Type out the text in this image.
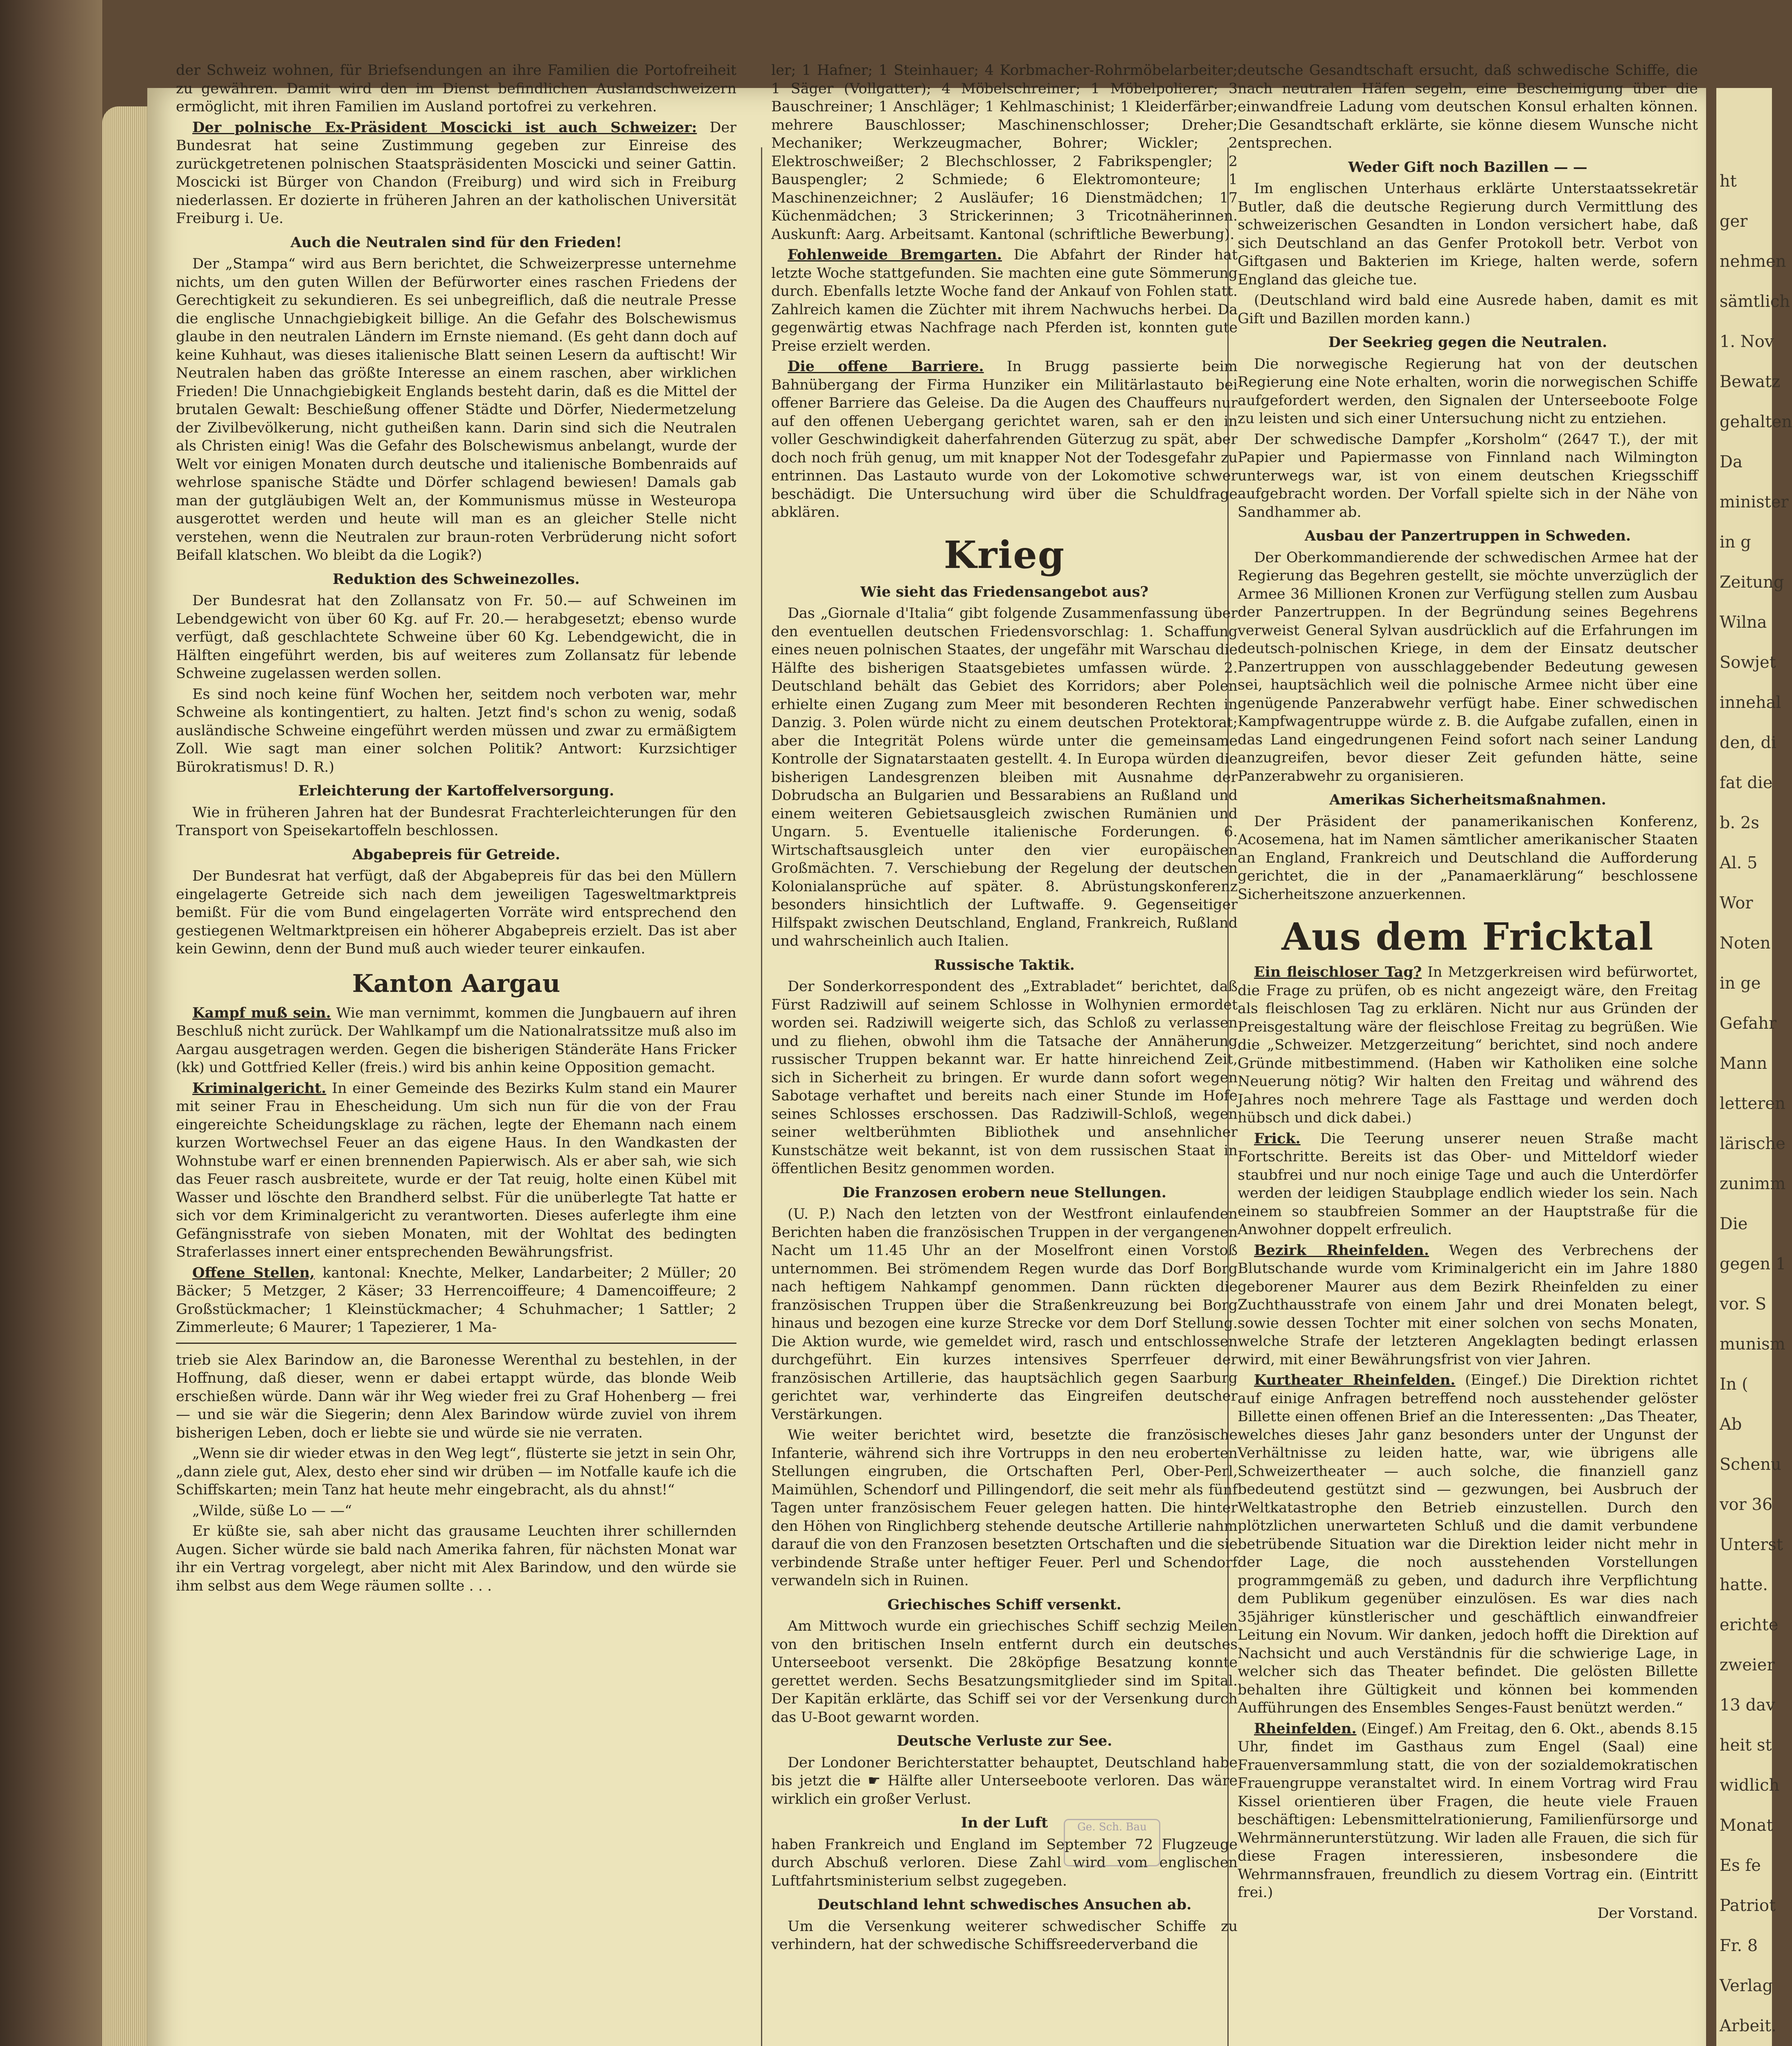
der Schweiz wohnen, für Briefsendungen an ihre Familien die Portofreiheit zu gewähren. Damit wird den im Dienst befindlichen Auslandschweizern ermöglicht, mit ihren Familien im Ausland portofrei zu verkehren.

Der polnische Ex-Präsident Moscicki ist auch Schweizer: Der Bundesrat hat seine Zustimmung gegeben zur Einreise des zurückgetretenen polnischen Staatspräsidenten Moscicki und seiner Gattin. Moscicki ist Bürger von Chandon (Freiburg) und wird sich in Freiburg niederlassen. Er dozierte in früheren Jahren an der katholischen Universität Freiburg i. Ue.

Auch die Neutralen sind für den Frieden!

Der „Stampa“ wird aus Bern berichtet, die Schweizerpresse unternehme nichts, um den guten Willen der Befürworter eines raschen Friedens der Gerechtigkeit zu sekundieren. Es sei unbegreiflich, daß die neutrale Presse die englische Unnachgiebigkeit billige. An die Gefahr des Bolschewismus glaube in den neutralen Ländern im Ernste niemand. (Es geht dann doch auf keine Kuhhaut, was dieses italienische Blatt seinen Lesern da auftischt! Wir Neutralen haben das größte Interesse an einem raschen, aber wirklichen Frieden! Die Unnachgiebigkeit Englands besteht darin, daß es die Mittel der brutalen Gewalt: Beschießung offener Städte und Dörfer, Niedermetzelung der Zivilbevölkerung, nicht gutheißen kann. Darin sind sich die Neutralen als Christen einig! Was die Gefahr des Bolschewismus anbelangt, wurde der Welt vor einigen Monaten durch deutsche und italienische Bombenraids auf wehrlose spanische Städte und Dörfer schlagend bewiesen! Damals gab man der gutgläubigen Welt an, der Kommunismus müsse in Westeuropa ausgerottet werden und heute will man es an gleicher Stelle nicht verstehen, wenn die Neutralen zur braun-roten Verbrüderung nicht sofort Beifall klatschen. Wo bleibt da die Logik?)

Reduktion des Schweinezolles.

Der Bundesrat hat den Zollansatz von Fr. 50.— auf Schweinen im Lebendgewicht von über 60 Kg. auf Fr. 20.— herabgesetzt; ebenso wurde verfügt, daß geschlachtete Schweine über 60 Kg. Lebendgewicht, die in Hälften eingeführt werden, bis auf weiteres zum Zollansatz für lebende Schweine zugelassen werden sollen.

Es sind noch keine fünf Wochen her, seitdem noch verboten war, mehr Schweine als kontingentiert, zu halten. Jetzt find's schon zu wenig, sodaß ausländische Schweine eingeführt werden müssen und zwar zu ermäßigtem Zoll. Wie sagt man einer solchen Politik? Antwort: Kurzsichtiger Bürokratismus! D. R.)

Erleichterung der Kartoffelversorgung.

Wie in früheren Jahren hat der Bundesrat Frachterleichterungen für den Transport von Speisekartoffeln beschlossen.

Abgabepreis für Getreide.

Der Bundesrat hat verfügt, daß der Abgabepreis für das bei den Müllern eingelagerte Getreide sich nach dem jeweiligen Tagesweltmarktpreis bemißt. Für die vom Bund eingelagerten Vorräte wird entsprechend den gestiegenen Weltmarktpreisen ein höherer Abgabepreis erzielt. Das ist aber kein Gewinn, denn der Bund muß auch wieder teurer einkaufen.

Kanton Aargau

Kampf muß sein. Wie man vernimmt, kommen die Jungbauern auf ihren Beschluß nicht zurück. Der Wahlkampf um die Nationalratssitze muß also im Aargau ausgetragen werden. Gegen die bisherigen Ständeräte Hans Fricker (kk) und Gottfried Keller (freis.) wird bis anhin keine Opposition gemacht.

Kriminalgericht. In einer Gemeinde des Bezirks Kulm stand ein Maurer mit seiner Frau in Ehescheidung. Um sich nun für die von der Frau eingereichte Scheidungsklage zu rächen, legte der Ehemann nach einem kurzen Wortwechsel Feuer an das eigene Haus. In den Wandkasten der Wohnstube warf er einen brennenden Papierwisch. Als er aber sah, wie sich das Feuer rasch ausbreitete, wurde er der Tat reuig, holte einen Kübel mit Wasser und löschte den Brandherd selbst. Für die unüberlegte Tat hatte er sich vor dem Kriminalgericht zu verantworten. Dieses auferlegte ihm eine Gefängnisstrafe von sieben Monaten, mit der Wohltat des bedingten Straferlasses innert einer entsprechenden Bewährungsfrist.

Offene Stellen, kantonal: Knechte, Melker, Landarbeiter; 2 Müller; 20 Bäcker; 5 Metzger, 2 Käser; 33 Herrencoiffeure; 4 Damencoiffeure; 2 Großstückmacher; 1 Kleinstückmacher; 4 Schuhmacher; 1 Sattler; 2 Zimmerleute; 6 Maurer; 1 Tapezierer, 1 Ma-

trieb sie Alex Barindow an, die Baronesse Werenthal zu bestehlen, in der Hoffnung, daß dieser, wenn er dabei ertappt würde, das blonde Weib erschießen würde. Dann wär ihr Weg wieder frei zu Graf Hohenberg — frei — und sie wär die Siegerin; denn Alex Barindow würde zuviel von ihrem bisherigen Leben, doch er liebte sie und würde sie nie verraten.

„Wenn sie dir wieder etwas in den Weg legt“, flüsterte sie jetzt in sein Ohr, „dann ziele gut, Alex, desto eher sind wir drüben — im Notfalle kaufe ich die Schiffskarten; mein Tanz hat heute mehr eingebracht, als du ahnst!“

„Wilde, süße Lo — —“

Er küßte sie, sah aber nicht das grausame Leuchten ihrer schillernden Augen. Sicher würde sie bald nach Amerika fahren, für nächsten Monat war ihr ein Vertrag vorgelegt, aber nicht mit Alex Barindow, und den würde sie ihm selbst aus dem Wege räumen sollte . . .

ler; 1 Hafner; 1 Steinhauer; 4 Korbmacher-Rohrmöbelarbeiter; 1 Säger (Vollgatter); 4 Möbelschreiner; 1 Möbelpolierer; 3 Bauschreiner; 1 Anschläger; 1 Kehlmaschinist; 1 Kleiderfärber; mehrere Bauschlosser; Maschinenschlosser; Dreher; Mechaniker; Werkzeugmacher, Bohrer; Wickler; 2 Elektroschweißer; 2 Blechschlosser, 2 Fabrikspengler; 2 Bauspengler; 2 Schmiede; 6 Elektromonteure; 1 Maschinenzeichner; 2 Ausläufer; 16 Dienstmädchen; 17 Küchenmädchen; 3 Strickerinnen; 3 Tricotnäherinnen. Auskunft: Aarg. Arbeitsamt. Kantonal (schriftliche Bewerbung).

Fohlenweide Bremgarten. Die Abfahrt der Rinder hat letzte Woche stattgefunden. Sie machten eine gute Sömmerung durch. Ebenfalls letzte Woche fand der Ankauf von Fohlen statt. Zahlreich kamen die Züchter mit ihrem Nachwuchs herbei. Da gegenwärtig etwas Nachfrage nach Pferden ist, konnten gute Preise erzielt werden.

Die offene Barriere. In Brugg passierte beim Bahnübergang der Firma Hunziker ein Militärlastauto bei offener Barriere das Geleise. Da die Augen des Chauffeurs nur auf den offenen Uebergang gerichtet waren, sah er den in voller Geschwindigkeit daherfahrenden Güterzug zu spät, aber doch noch früh genug, um mit knapper Not der Todesgefahr zu entrinnen. Das Lastauto wurde von der Lokomotive schwer beschädigt. Die Untersuchung wird über die Schuldfrage abklären.

Krieg
Wie sieht das Friedensangebot aus?

Das „Giornale d'Italia“ gibt folgende Zusammenfassung über den eventuellen deutschen Friedensvorschlag: 1. Schaffung eines neuen polnischen Staates, der ungefähr mit Warschau die Hälfte des bisherigen Staatsgebietes umfassen würde. 2. Deutschland behält das Gebiet des Korridors; aber Polen erhielte einen Zugang zum Meer mit besonderen Rechten in Danzig. 3. Polen würde nicht zu einem deutschen Protektorat; aber die Integrität Polens würde unter die gemeinsame Kontrolle der Signatarstaaten gestellt. 4. In Europa würden die bisherigen Landesgrenzen bleiben mit Ausnahme der Dobrudscha an Bulgarien und Bessarabiens an Rußland und einem weiteren Gebietsausgleich zwischen Rumänien und Ungarn. 5. Eventuelle italienische Forderungen. 6. Wirtschaftsausgleich unter den vier europäischen Großmächten. 7. Verschiebung der Regelung der deutschen Kolonialansprüche auf später. 8. Abrüstungskonferenz besonders hinsichtlich der Luftwaffe. 9. Gegenseitiger Hilfspakt zwischen Deutschland, England, Frankreich, Rußland und wahrscheinlich auch Italien.

Russische Taktik.

Der Sonderkorrespondent des „Extrabladet“ berichtet, daß Fürst Radziwill auf seinem Schlosse in Wolhynien ermordet worden sei. Radziwill weigerte sich, das Schloß zu verlassen und zu fliehen, obwohl ihm die Tatsache der Annäherung russischer Truppen bekannt war. Er hatte hinreichend Zeit, sich in Sicherheit zu bringen. Er wurde dann sofort wegen Sabotage verhaftet und bereits nach einer Stunde im Hofe seines Schlosses erschossen. Das Radziwill-Schloß, wegen seiner weltberühmten Bibliothek und ansehnlicher Kunstschätze weit bekannt, ist von dem russischen Staat in öffentlichen Besitz genommen worden.

Die Franzosen erobern neue Stellungen.

(U. P.) Nach den letzten von der Westfront einlaufenden Berichten haben die französischen Truppen in der vergangenen Nacht um 11.45 Uhr an der Moselfront einen Vorstoß unternommen. Bei strömendem Regen wurde das Dorf Borg nach heftigem Nahkampf genommen. Dann rückten die französischen Truppen über die Straßenkreuzung bei Borg hinaus und bezogen eine kurze Strecke vor dem Dorf Stellung. Die Aktion wurde, wie gemeldet wird, rasch und entschlossen durchgeführt. Ein kurzes intensives Sperrfeuer der französischen Artillerie, das hauptsächlich gegen Saarburg gerichtet war, verhinderte das Eingreifen deutscher Verstärkungen.

Wie weiter berichtet wird, besetzte die französische Infanterie, während sich ihre Vortrupps in den neu eroberten Stellungen eingruben, die Ortschaften Perl, Ober-Perl, Maimühlen, Schendorf und Pillingendorf, die seit mehr als fünf Tagen unter französischem Feuer gelegen hatten. Die hinter den Höhen von Ringlichberg stehende deutsche Artillerie nahm darauf die von den Franzosen besetzten Ortschaften und die sie verbindende Straße unter heftiger Feuer. Perl und Schendorf verwandeln sich in Ruinen.

Griechisches Schiff versenkt.

Am Mittwoch wurde ein griechisches Schiff sechzig Meilen von den britischen Inseln entfernt durch ein deutsches Unterseeboot versenkt. Die 28köpfige Besatzung konnte gerettet werden. Sechs Besatzungsmitglieder sind im Spital. Der Kapitän erklärte, das Schiff sei vor der Versenkung durch das U-Boot gewarnt worden.

Deutsche Verluste zur See.

Der Londoner Berichterstatter behauptet, Deutschland habe bis jetzt die ☛ Hälfte aller Unterseeboote verloren. Das wäre wirklich ein großer Verlust.

In der Luft

haben Frankreich und England im September 72 Flugzeuge durch Abschuß verloren. Diese Zahl wird vom englischen Luftfahrtsministerium selbst zugegeben.

Deutschland lehnt schwedisches Ansuchen ab.

Um die Versenkung weiterer schwedischer Schiffe zu verhindern, hat der schwedische Schiffsreederverband die

deutsche Gesandtschaft ersucht, daß schwedische Schiffe, die nach neutralen Häfen segeln, eine Bescheinigung über die einwandfreie Ladung vom deutschen Konsul erhalten können. Die Gesandtschaft erklärte, sie könne diesem Wunsche nicht entsprechen.

Weder Gift noch Bazillen — —

Im englischen Unterhaus erklärte Unterstaatssekretär Butler, daß die deutsche Regierung durch Vermittlung des schweizerischen Gesandten in London versichert habe, daß sich Deutschland an das Genfer Protokoll betr. Verbot von Giftgasen und Bakterien im Kriege, halten werde, sofern England das gleiche tue.

(Deutschland wird bald eine Ausrede haben, damit es mit Gift und Bazillen morden kann.)

Der Seekrieg gegen die Neutralen.

Die norwegische Regierung hat von der deutschen Regierung eine Note erhalten, worin die norwegischen Schiffe aufgefordert werden, den Signalen der Unterseeboote Folge zu leisten und sich einer Untersuchung nicht zu entziehen.

Der schwedische Dampfer „Korsholm“ (2647 T.), der mit Papier und Papiermasse von Finnland nach Wilmington unterwegs war, ist von einem deutschen Kriegsschiff aufgebracht worden. Der Vorfall spielte sich in der Nähe von Sandhammer ab.

Ausbau der Panzertruppen in Schweden.

Der Oberkommandierende der schwedischen Armee hat der Regierung das Begehren gestellt, sie möchte unverzüglich der Armee 36 Millionen Kronen zur Verfügung stellen zum Ausbau der Panzertruppen. In der Begründung seines Begehrens verweist General Sylvan ausdrücklich auf die Erfahrungen im deutsch-polnischen Kriege, in dem der Einsatz deutscher Panzertruppen von ausschlaggebender Bedeutung gewesen sei, hauptsächlich weil die polnische Armee nicht über eine genügende Panzerabwehr verfügt habe. Einer schwedischen Kampfwagentruppe würde z. B. die Aufgabe zufallen, einen in das Land eingedrungenen Feind sofort nach seiner Landung anzugreifen, bevor dieser Zeit gefunden hätte, seine Panzerabwehr zu organisieren.

Amerikas Sicherheitsmaßnahmen.

Der Präsident der panamerikanischen Konferenz, Acosemena, hat im Namen sämtlicher amerikanischer Staaten an England, Frankreich und Deutschland die Aufforderung gerichtet, die in der „Panamaerklärung“ beschlossene Sicherheitszone anzuerkennen.

Aus dem Fricktal

Ein fleischloser Tag? In Metzgerkreisen wird befürwortet, die Frage zu prüfen, ob es nicht angezeigt wäre, den Freitag als fleischlosen Tag zu erklären. Nicht nur aus Gründen der Preisgestaltung wäre der fleischlose Freitag zu begrüßen. Wie die „Schweizer. Metzgerzeitung“ berichtet, sind noch andere Gründe mitbestimmend. (Haben wir Katholiken eine solche Neuerung nötig? Wir halten den Freitag und während des Jahres noch mehrere Tage als Fasttage und werden doch hübsch und dick dabei.)

Frick. Die Teerung unserer neuen Straße macht Fortschritte. Bereits ist das Ober- und Mitteldorf wieder staubfrei und nur noch einige Tage und auch die Unterdörfer werden der leidigen Staubplage endlich wieder los sein. Nach einem so staubfreien Sommer an der Hauptstraße für die Anwohner doppelt erfreulich.

Bezirk Rheinfelden. Wegen des Verbrechens der Blutschande wurde vom Kriminalgericht ein im Jahre 1880 geborener Maurer aus dem Bezirk Rheinfelden zu einer Zuchthausstrafe von einem Jahr und drei Monaten belegt, sowie dessen Tochter mit einer solchen von sechs Monaten, welche Strafe der letzteren Angeklagten bedingt erlassen wird, mit einer Bewährungsfrist von vier Jahren.

Kurtheater Rheinfelden. (Eingef.) Die Direktion richtet auf einige Anfragen betreffend noch ausstehender gelöster Billette einen offenen Brief an die Interessenten: „Das Theater, welches dieses Jahr ganz besonders unter der Ungunst der Verhältnisse zu leiden hatte, war, wie übrigens alle Schweizertheater — auch solche, die finanziell ganz bedeutend gestützt sind — gezwungen, bei Ausbruch der Weltkatastrophe den Betrieb einzustellen. Durch den plötzlichen unerwarteten Schluß und die damit verbundene betrübende Situation war die Direktion leider nicht mehr in der Lage, die noch ausstehenden Vorstellungen programmgemäß zu geben, und dadurch ihre Verpflichtung dem Publikum gegenüber einzulösen. Es war dies nach 35jähriger künstlerischer und geschäftlich einwandfreier Leitung ein Novum. Wir danken, jedoch hofft die Direktion auf Nachsicht und auch Verständnis für die schwierige Lage, in welcher sich das Theater befindet. Die gelösten Billette behalten ihre Gültigkeit und können bei kommenden Aufführungen des Ensembles Senges-Faust benützt werden.“

Rheinfelden. (Eingef.) Am Freitag, den 6. Okt., abends 8.15 Uhr, findet im Gasthaus zum Engel (Saal) eine Frauenversammlung statt, die von der sozialdemokratischen Frauengruppe veranstaltet wird. In einem Vortrag wird Frau Kissel orientieren über Fragen, die heute viele Frauen beschäftigen: Lebensmittelrationierung, Familienfürsorge und Wehrmännerunterstützung. Wir laden alle Frauen, die sich für diese Fragen interessieren, insbesondere die Wehrmannsfrauen, freundlich zu diesem Vortrag ein. (Eintritt frei.)

Der Vorstand.

Ge. Sch. Bau
ht
ger
nehmen
sämtlich
1. Nov
Bewatz
gehalten
Da
minister
in g
Zeitung
Wilna
Sowjet
innehal
den, di
fat die
b. 2s
Al. 5
Wor
Noten
in ge
Gefahr
Mann
letteren
lärische
zunimm
Die
gegen 1
vor. S
munism
In (
Ab
Schenu
vor 36
Unterst
hatte.
erichte
zweier
13 dav
heit st
widlich
Monat
Es fe
Patriot
Fr. 8
Verlag
Arbeit.
